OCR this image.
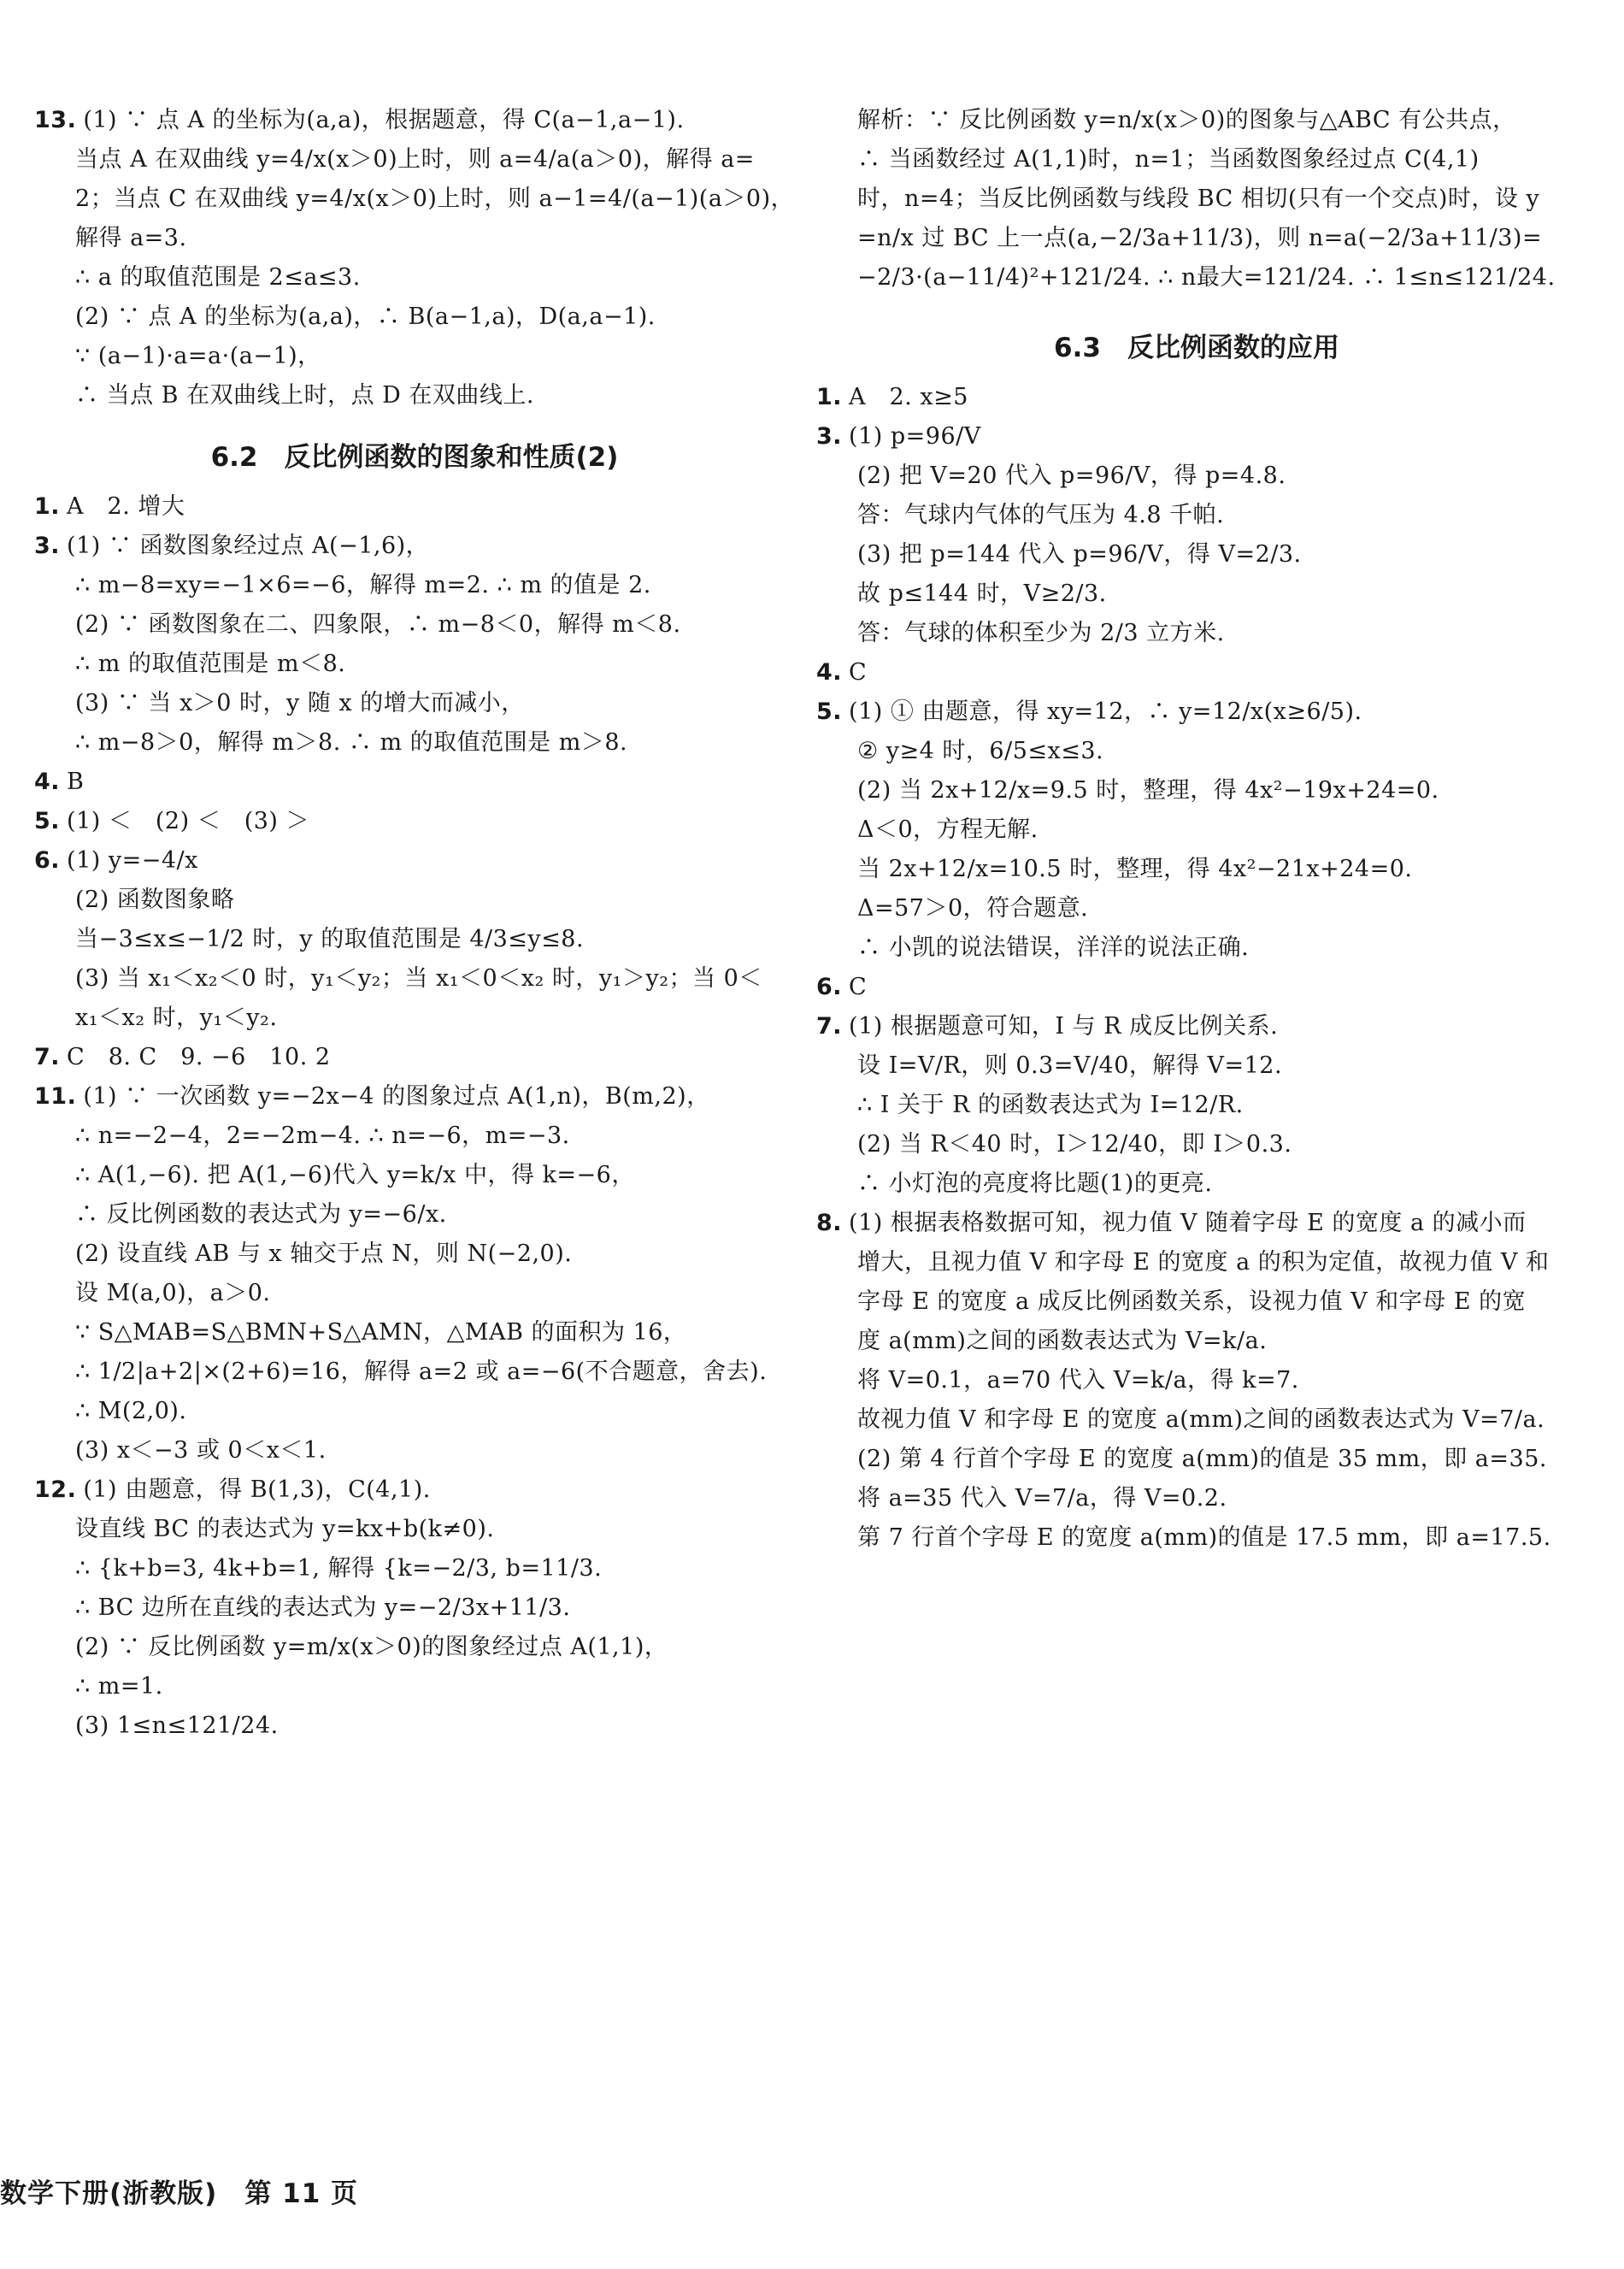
13. (1) ∵ 点 A 的坐标为(a,a)，根据题意，得 C(a−1,a−1).
当点 A 在双曲线 y=4/x(x＞0)上时，则 a=4/a(a＞0)，解得 a=
2；当点 C 在双曲线 y=4/x(x＞0)上时，则 a−1=4/(a−1)(a＞0)，
解得 a=3.
∴ a 的取值范围是 2≤a≤3.
(2) ∵ 点 A 的坐标为(a,a)，∴ B(a−1,a)，D(a,a−1).
∵ (a−1)·a=a·(a−1)，
∴ 当点 B 在双曲线上时，点 D 在双曲线上.
6.2　反比例函数的图象和性质(2)
1. A　2. 增大
3. (1) ∵ 函数图象经过点 A(−1,6)，
∴ m−8=xy=−1×6=−6，解得 m=2. ∴ m 的值是 2.
(2) ∵ 函数图象在二、四象限，∴ m−8＜0，解得 m＜8.
∴ m 的取值范围是 m＜8.
(3) ∵ 当 x＞0 时，y 随 x 的增大而减小，
∴ m−8＞0，解得 m＞8. ∴ m 的取值范围是 m＞8.
4. B
5. (1) ＜　(2) ＜　(3) ＞
6. (1) y=−4/x
(2) 函数图象略
当−3≤x≤−1/2 时，y 的取值范围是 4/3≤y≤8.
(3) 当 x₁＜x₂＜0 时，y₁＜y₂；当 x₁＜0＜x₂ 时，y₁＞y₂；当 0＜
x₁＜x₂ 时，y₁＜y₂.
7. C　8. C　9. −6　10. 2
11. (1) ∵ 一次函数 y=−2x−4 的图象过点 A(1,n)，B(m,2)，
∴ n=−2−4，2=−2m−4. ∴ n=−6，m=−3.
∴ A(1,−6). 把 A(1,−6)代入 y=k/x 中，得 k=−6，
∴ 反比例函数的表达式为 y=−6/x.
(2) 设直线 AB 与 x 轴交于点 N，则 N(−2,0).
设 M(a,0)，a＞0.
∵ S△MAB=S△BMN+S△AMN，△MAB 的面积为 16，
∴ 1/2|a+2|×(2+6)=16，解得 a=2 或 a=−6(不合题意，舍去).
∴ M(2,0).
(3) x＜−3 或 0＜x＜1.
12. (1) 由题意，得 B(1,3)，C(4,1).
设直线 BC 的表达式为 y=kx+b(k≠0).
∴ {k+b=3, 4k+b=1, 解得 {k=−2/3, b=11/3.
∴ BC 边所在直线的表达式为 y=−2/3x+11/3.
(2) ∵ 反比例函数 y=m/x(x＞0)的图象经过点 A(1,1)，
∴ m=1.
(3) 1≤n≤121/24.
解析：∵ 反比例函数 y=n/x(x＞0)的图象与△ABC 有公共点，
∴ 当函数经过 A(1,1)时，n=1；当函数图象经过点 C(4,1)
时，n=4；当反比例函数与线段 BC 相切(只有一个交点)时，设 y
=n/x 过 BC 上一点(a,−2/3a+11/3)，则 n=a(−2/3a+11/3)=
−2/3·(a−11/4)²+121/24. ∴ n最大=121/24. ∴ 1≤n≤121/24.
6.3　反比例函数的应用
1. A　2. x≥5
3. (1) p=96/V
(2) 把 V=20 代入 p=96/V，得 p=4.8.
答：气球内气体的气压为 4.8 千帕.
(3) 把 p=144 代入 p=96/V，得 V=2/3.
故 p≤144 时，V≥2/3.
答：气球的体积至少为 2/3 立方米.
4. C
5. (1) ① 由题意，得 xy=12，∴ y=12/x(x≥6/5).
② y≥4 时，6/5≤x≤3.
(2) 当 2x+12/x=9.5 时，整理，得 4x²−19x+24=0.
Δ＜0，方程无解.
当 2x+12/x=10.5 时，整理，得 4x²−21x+24=0.
Δ=57＞0，符合题意.
∴ 小凯的说法错误，洋洋的说法正确.
6. C
7. (1) 根据题意可知，I 与 R 成反比例关系.
设 I=V/R，则 0.3=V/40，解得 V=12.
∴ I 关于 R 的函数表达式为 I=12/R.
(2) 当 R＜40 时，I＞12/40，即 I＞0.3.
∴ 小灯泡的亮度将比题(1)的更亮.
8. (1) 根据表格数据可知，视力值 V 随着字母 E 的宽度 a 的减小而
增大，且视力值 V 和字母 E 的宽度 a 的积为定值，故视力值 V 和
字母 E 的宽度 a 成反比例函数关系，设视力值 V 和字母 E 的宽
度 a(mm)之间的函数表达式为 V=k/a.
将 V=0.1，a=70 代入 V=k/a，得 k=7.
故视力值 V 和字母 E 的宽度 a(mm)之间的函数表达式为 V=7/a.
(2) 第 4 行首个字母 E 的宽度 a(mm)的值是 35 mm，即 a=35.
将 a=35 代入 V=7/a，得 V=0.2.
第 7 行首个字母 E 的宽度 a(mm)的值是 17.5 mm，即 a=17.5.
数学下册(浙教版)　第 11 页
